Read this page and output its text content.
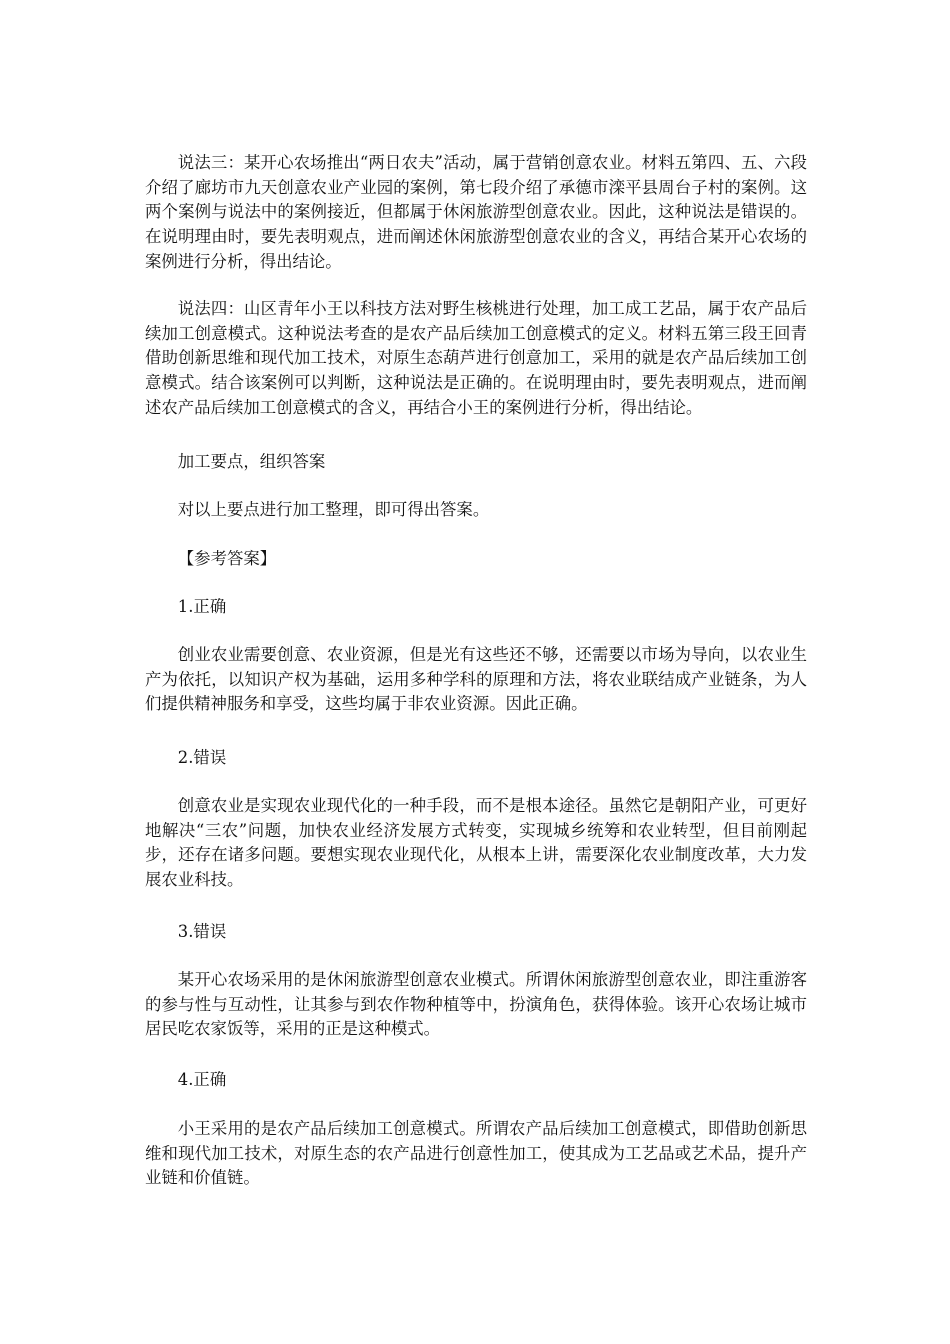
说法三：某开心农场推出“两日农夫”活动，属于营销创意农业。材料五第四、五、六段介绍了廊坊市九天创意农业产业园的案例，第七段介绍了承德市滦平县周台子村的案例。这两个案例与说法中的案例接近，但都属于休闲旅游型创意农业。因此，这种说法是错误的。在说明理由时，要先表明观点，进而阐述休闲旅游型创意农业的含义，再结合某开心农场的案例进行分析，得出结论。

说法四：山区青年小王以科技方法对野生核桃进行处理，加工成工艺品，属于农产品后续加工创意模式。这种说法考查的是农产品后续加工创意模式的定义。材料五第三段王回青借助创新思维和现代加工技术，对原生态葫芦进行创意加工，采用的就是农产品后续加工创意模式。结合该案例可以判断，这种说法是正确的。在说明理由时，要先表明观点，进而阐述农产品后续加工创意模式的含义，再结合小王的案例进行分析，得出结论。

加工要点，组织答案

对以上要点进行加工整理，即可得出答案。

【参考答案】

1.正确

创业农业需要创意、农业资源，但是光有这些还不够，还需要以市场为导向，以农业生产为依托，以知识产权为基础，运用多种学科的原理和方法，将农业联结成产业链条，为人们提供精神服务和享受，这些均属于非农业资源。因此正确。

2.错误

创意农业是实现农业现代化的一种手段，而不是根本途径。虽然它是朝阳产业，可更好地解决“三农”问题，加快农业经济发展方式转变，实现城乡统筹和农业转型，但目前刚起步，还存在诸多问题。要想实现农业现代化，从根本上讲，需要深化农业制度改革，大力发展农业科技。

3.错误

某开心农场采用的是休闲旅游型创意农业模式。所谓休闲旅游型创意农业，即注重游客的参与性与互动性，让其参与到农作物种植等中，扮演角色，获得体验。该开心农场让城市居民吃农家饭等，采用的正是这种模式。

4.正确

小王采用的是农产品后续加工创意模式。所谓农产品后续加工创意模式，即借助创新思维和现代加工技术，对原生态的农产品进行创意性加工，使其成为工艺品或艺术品，提升产业链和价值链。
